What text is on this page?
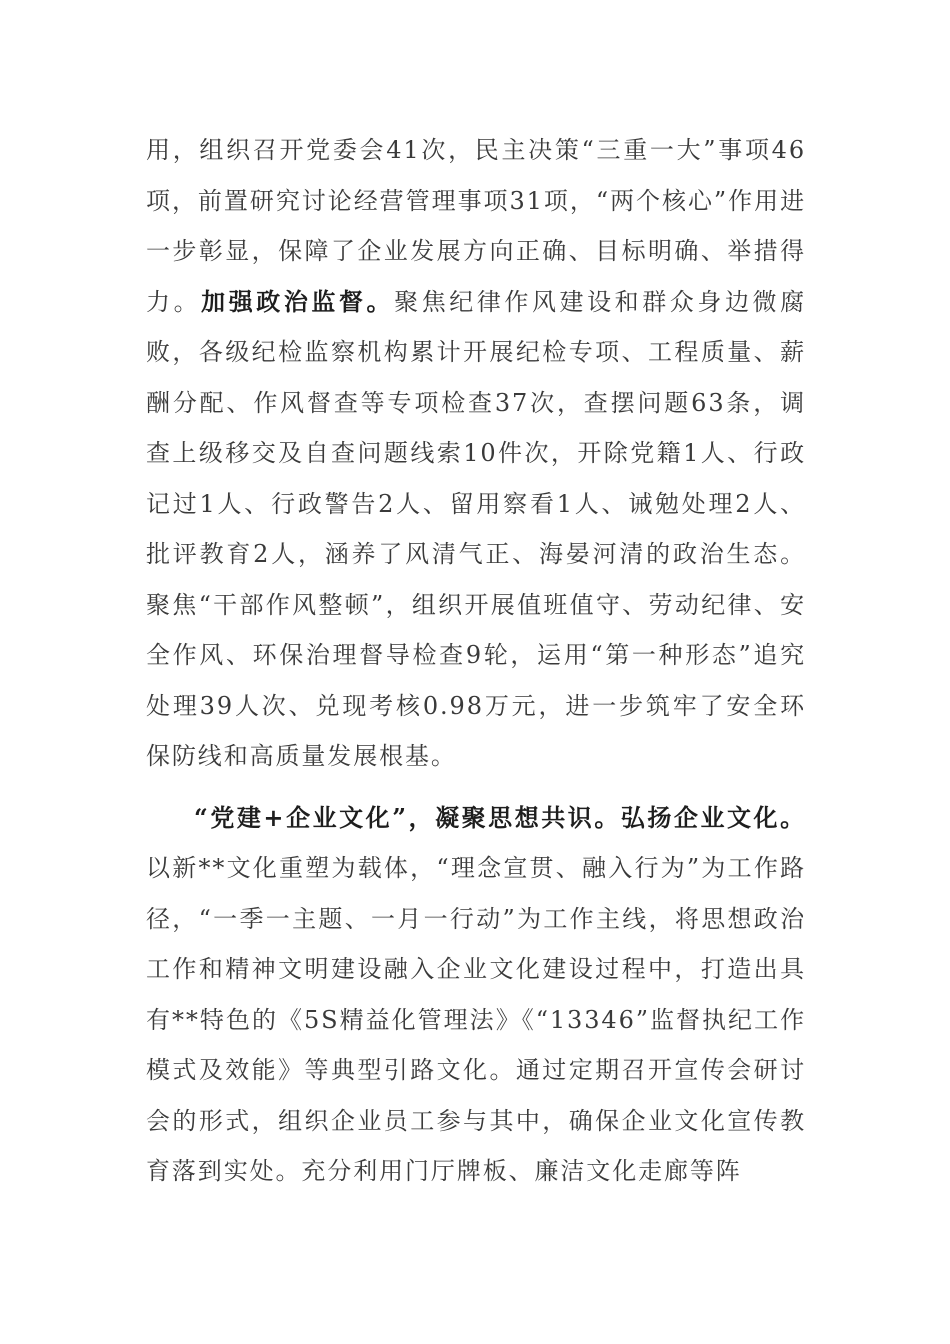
用，组织召开党委会41次，民主决策“三重一大”事项46项，前置研究讨论经营管理事项31项，“两个核心”作用进一步彰显，保障了企业发展方向正确、目标明确、举措得力。加强政治监督。聚焦纪律作风建设和群众身边微腐败，各级纪检监察机构累计开展纪检专项、工程质量、薪酬分配、作风督查等专项检查37次，查摆问题63条，调查上级移交及自查问题线索10件次，开除党籍1人、行政记过1人、行政警告2人、留用察看1人、诫勉处理2人、批评教育2人，涵养了风清气正、海晏河清的政治生态。聚焦“干部作风整顿”，组织开展值班值守、劳动纪律、安全作风、环保治理督导检查9轮，运用“第一种形态”追究处理39人次、兑现考核0.98万元，进一步筑牢了安全环保防线和高质量发展根基。

“党建+企业文化”，凝聚思想共识。弘扬企业文化。以新**文化重塑为载体，“理念宣贯、融入行为”为工作路径，“一季一主题、一月一行动”为工作主线，将思想政治工作和精神文明建设融入企业文化建设过程中，打造出具有**特色的《5S精益化管理法》《“13346”监督执纪工作模式及效能》等典型引路文化。通过定期召开宣传会研讨会的形式，组织企业员工参与其中，确保企业文化宣传教育落到实处。充分利用门厅牌板、廉洁文化走廊等阵
